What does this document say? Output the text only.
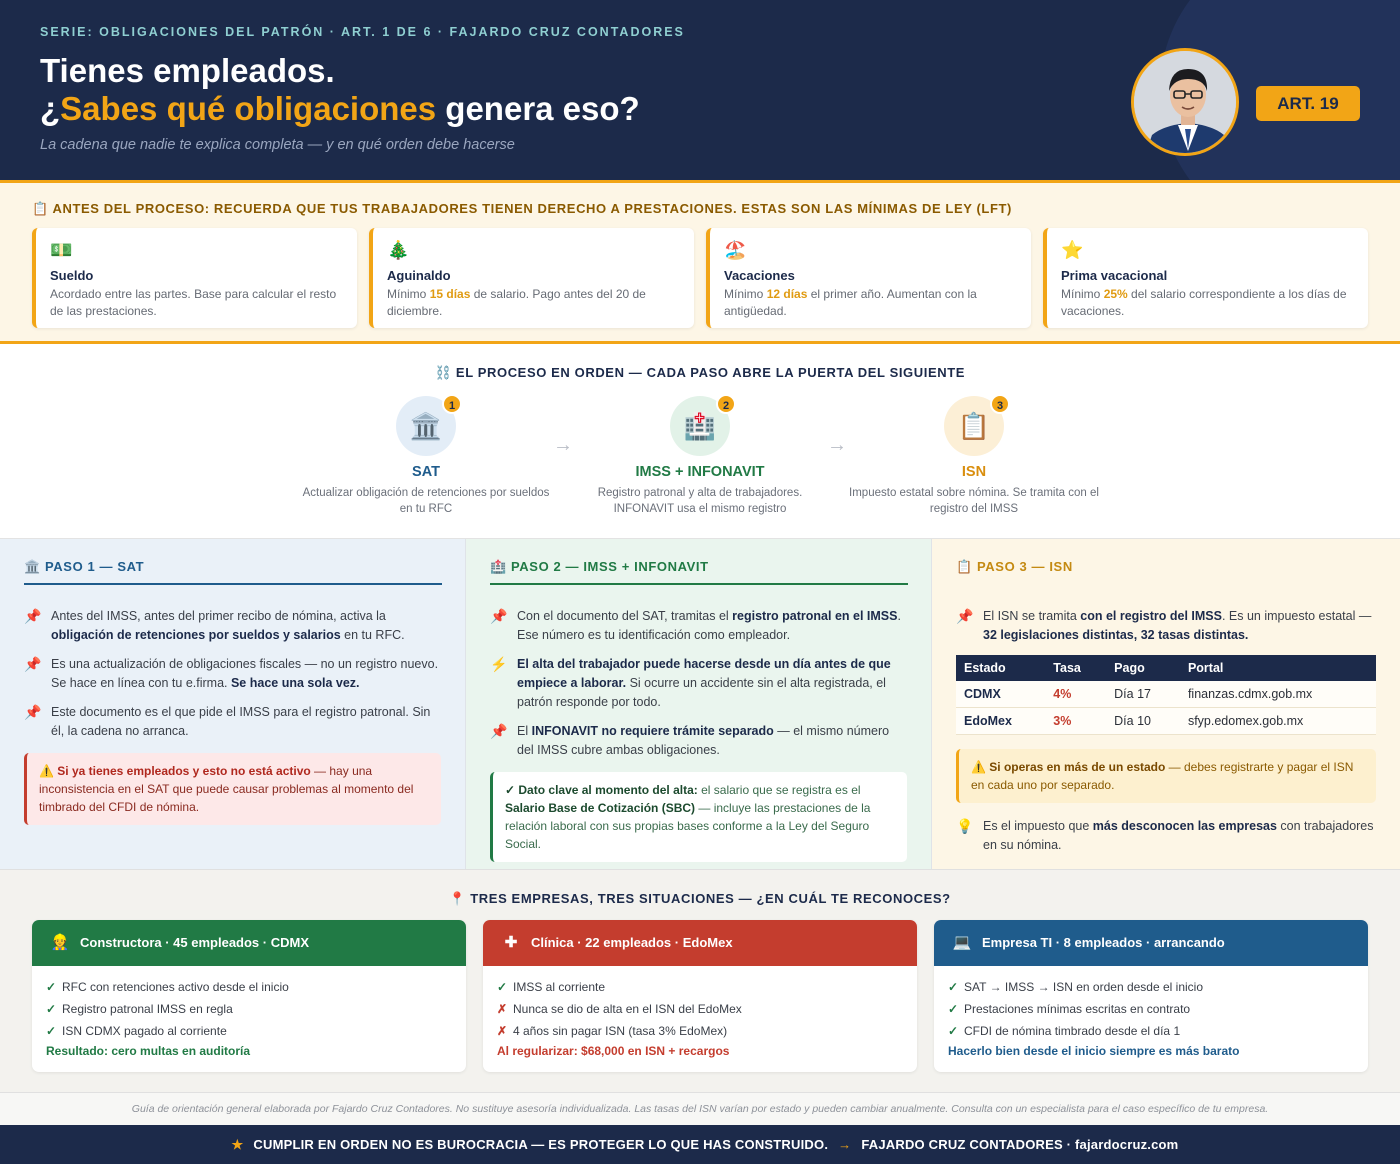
SERIE: OBLIGACIONES DEL PATRÓN · ART. 1 DE 6 · FAJARDO CRUZ CONTADORES
Tienes empleados.
¿Sabes qué obligaciones genera eso?
La cadena que nadie te explica completa — y en qué orden debe hacerse
ART. 19
📋 ANTES DEL PROCESO: RECUERDA QUE TUS TRABAJADORES TIENEN DERECHO A PRESTACIONES. ESTAS SON LAS MÍNIMAS DE LEY (LFT)
💵
Sueldo
Acordado entre las partes. Base para calcular el resto de las prestaciones.
🎄
Aguinaldo
Mínimo 15 días de salario. Pago antes del 20 de diciembre.
🏖️
Vacaciones
Mínimo 12 días el primer año. Aumentan con la antigüedad.
⭐
Prima vacacional
Mínimo 25% del salario correspondiente a los días de vacaciones.
⛓️ EL PROCESO EN ORDEN — CADA PASO ABRE LA PUERTA DEL SIGUIENTE
🏛️
1
SAT
Actualizar obligación de retenciones por sueldos en tu RFC
→
🏥
2
IMSS + INFONAVIT
Registro patronal y alta de trabajadores. INFONAVIT usa el mismo registro
→
📋
3
ISN
Impuesto estatal sobre nómina. Se tramita con el registro del IMSS
🏛️ PASO 1 — SAT
📌 Antes del IMSS, antes del primer recibo de nómina, activa la obligación de retenciones por sueldos y salarios en tu RFC.
📌 Es una actualización de obligaciones fiscales — no un registro nuevo. Se hace en línea con tu e.firma. Se hace una sola vez.
📌 Este documento es el que pide el IMSS para el registro patronal. Sin él, la cadena no arranca.
⚠️ Si ya tienes empleados y esto no está activo — hay una inconsistencia en el SAT que puede causar problemas al momento del timbrado del CFDI de nómina.
🏥 PASO 2 — IMSS + INFONAVIT
📌 Con el documento del SAT, tramitas el registro patronal en el IMSS. Ese número es tu identificación como empleador.
⚡ El alta del trabajador puede hacerse desde un día antes de que empiece a laborar. Si ocurre un accidente sin el alta registrada, el patrón responde por todo.
📌 El INFONAVIT no requiere trámite separado — el mismo número del IMSS cubre ambas obligaciones.
✓ Dato clave al momento del alta: el salario que se registra es el Salario Base de Cotización (SBC) — incluye las prestaciones de la relación laboral con sus propias bases conforme a la Ley del Seguro Social.
📋 PASO 3 — ISN
📌 El ISN se tramita con el registro del IMSS. Es un impuesto estatal — 32 legislaciones distintas, 32 tasas distintas.
Estado	Tasa	Pago	Portal
CDMX	4%	Día 17	finanzas.cdmx.gob.mx
EdoMex	3%	Día 10	sfyp.edomex.gob.mx
⚠️ Si operas en más de un estado — debes registrarte y pagar el ISN en cada uno por separado.
💡 Es el impuesto que más desconocen las empresas con trabajadores en su nómina.
📍 TRES EMPRESAS, TRES SITUACIONES — ¿EN CUÁL TE RECONOCES?
👷 Constructora · 45 empleados · CDMX
✓ RFC con retenciones activo desde el inicio
✓ Registro patronal IMSS en regla
✓ ISN CDMX pagado al corriente
Resultado: cero multas en auditoría
✚ Clínica · 22 empleados · EdoMex
✓ IMSS al corriente
✗ Nunca se dio de alta en el ISN del EdoMex
✗ 4 años sin pagar ISN (tasa 3% EdoMex)
Al regularizar: $68,000 en ISN + recargos
💻 Empresa TI · 8 empleados · arrancando
✓ SAT → IMSS → ISN en orden desde el inicio
✓ Prestaciones mínimas escritas en contrato
✓ CFDI de nómina timbrado desde el día 1
Hacerlo bien desde el inicio siempre es más barato
Guía de orientación general elaborada por Fajardo Cruz Contadores. No sustituye asesoría individualizada. Las tasas del ISN varían por estado y pueden cambiar anualmente. Consulta con un especialista para el caso específico de tu empresa.
★ CUMPLIR EN ORDEN NO ES BUROCRACIA — ES PROTEGER LO QUE HAS CONSTRUIDO. → FAJARDO CRUZ CONTADORES · fajardocruz.com
